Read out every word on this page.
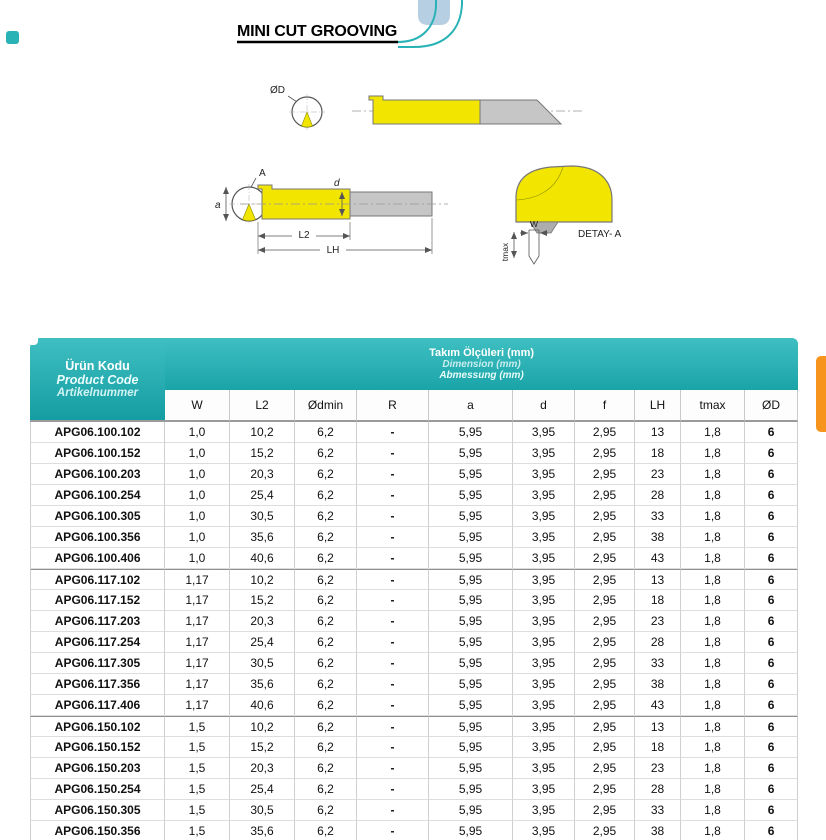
MINI CUT GROOVING
ØD
A
a
d
L2
LH
DETAY- A
W
tmax
Ürün Kodu
Product Code
Artikelnummer

Takım Ölçüleri (mm)
Dimension (mm)
Abmessung (mm)

	W	L2	Ødmin	R	a	d	f	LH	tmax	ØD
APG06.100.102	1,0	10,2	6,2	-	5,95	3,95	2,95	13	1,8	6
APG06.100.152	1,0	15,2	6,2	-	5,95	3,95	2,95	18	1,8	6
APG06.100.203	1,0	20,3	6,2	-	5,95	3,95	2,95	23	1,8	6
APG06.100.254	1,0	25,4	6,2	-	5,95	3,95	2,95	28	1,8	6
APG06.100.305	1,0	30,5	6,2	-	5,95	3,95	2,95	33	1,8	6
APG06.100.356	1,0	35,6	6,2	-	5,95	3,95	2,95	38	1,8	6
APG06.100.406	1,0	40,6	6,2	-	5,95	3,95	2,95	43	1,8	6
APG06.117.102	1,17	10,2	6,2	-	5,95	3,95	2,95	13	1,8	6
APG06.117.152	1,17	15,2	6,2	-	5,95	3,95	2,95	18	1,8	6
APG06.117.203	1,17	20,3	6,2	-	5,95	3,95	2,95	23	1,8	6
APG06.117.254	1,17	25,4	6,2	-	5,95	3,95	2,95	28	1,8	6
APG06.117.305	1,17	30,5	6,2	-	5,95	3,95	2,95	33	1,8	6
APG06.117.356	1,17	35,6	6,2	-	5,95	3,95	2,95	38	1,8	6
APG06.117.406	1,17	40,6	6,2	-	5,95	3,95	2,95	43	1,8	6
APG06.150.102	1,5	10,2	6,2	-	5,95	3,95	2,95	13	1,8	6
APG06.150.152	1,5	15,2	6,2	-	5,95	3,95	2,95	18	1,8	6
APG06.150.203	1,5	20,3	6,2	-	5,95	3,95	2,95	23	1,8	6
APG06.150.254	1,5	25,4	6,2	-	5,95	3,95	2,95	28	1,8	6
APG06.150.305	1,5	30,5	6,2	-	5,95	3,95	2,95	33	1,8	6
APG06.150.356	1,5	35,6	6,2	-	5,95	3,95	2,95	38	1,8	6
